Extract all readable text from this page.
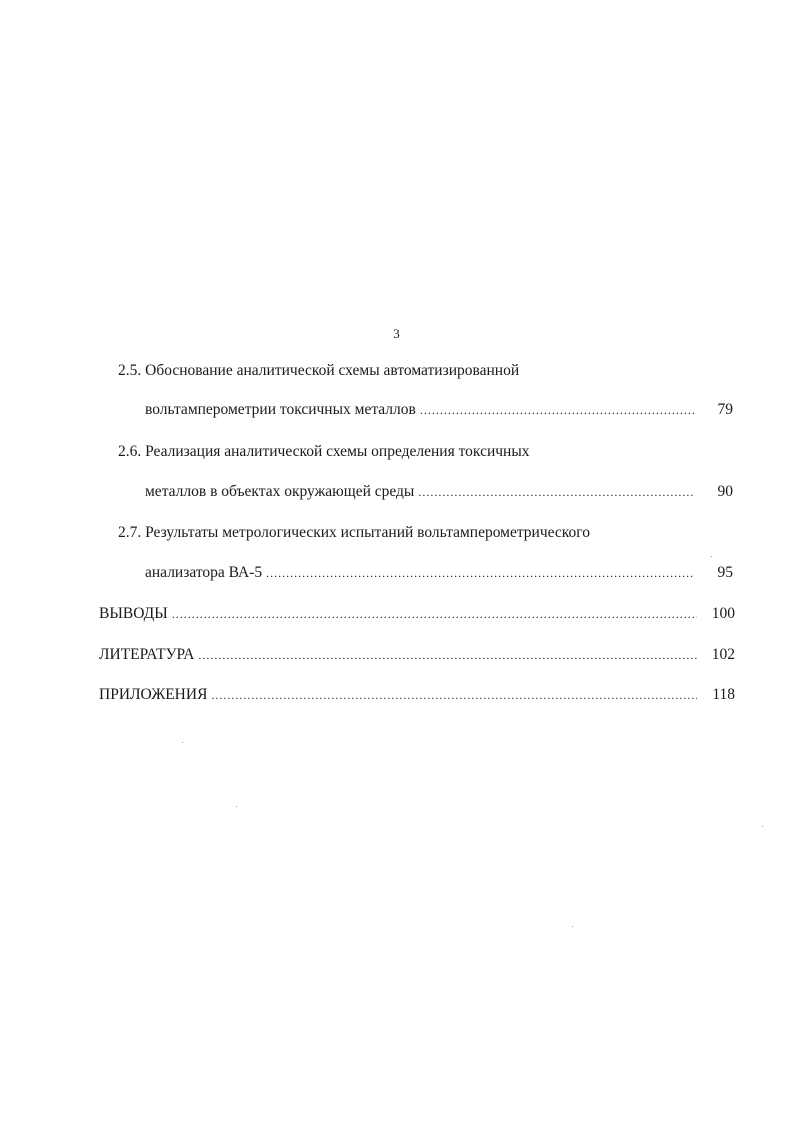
3
2.5. Обоснование аналитической схемы автоматизированной
вольтамперометрии токсичных металлов .....	79
2.6. Реализация аналитической схемы определения токсичных
металлов в объектах окружающей среды .....	90
2.7. Результаты метрологических испытаний вольтамперометрического
анализатора ВА-5 .....	95
ВЫВОДЫ .....	100
ЛИТЕРАТУРА .....	102
ПРИЛОЖЕНИЯ .....	118
